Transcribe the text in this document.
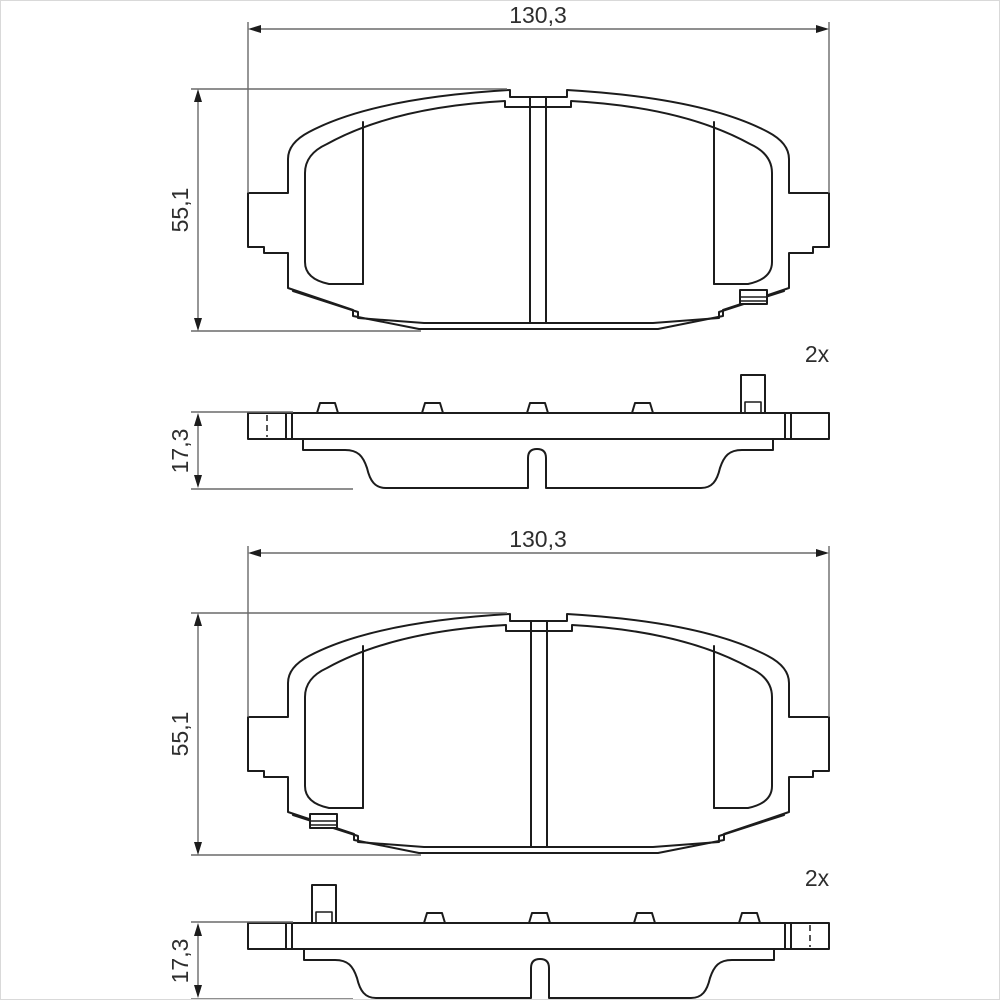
130,3
55,1
17,3
2x
130,3
55,1
17,3
2x
